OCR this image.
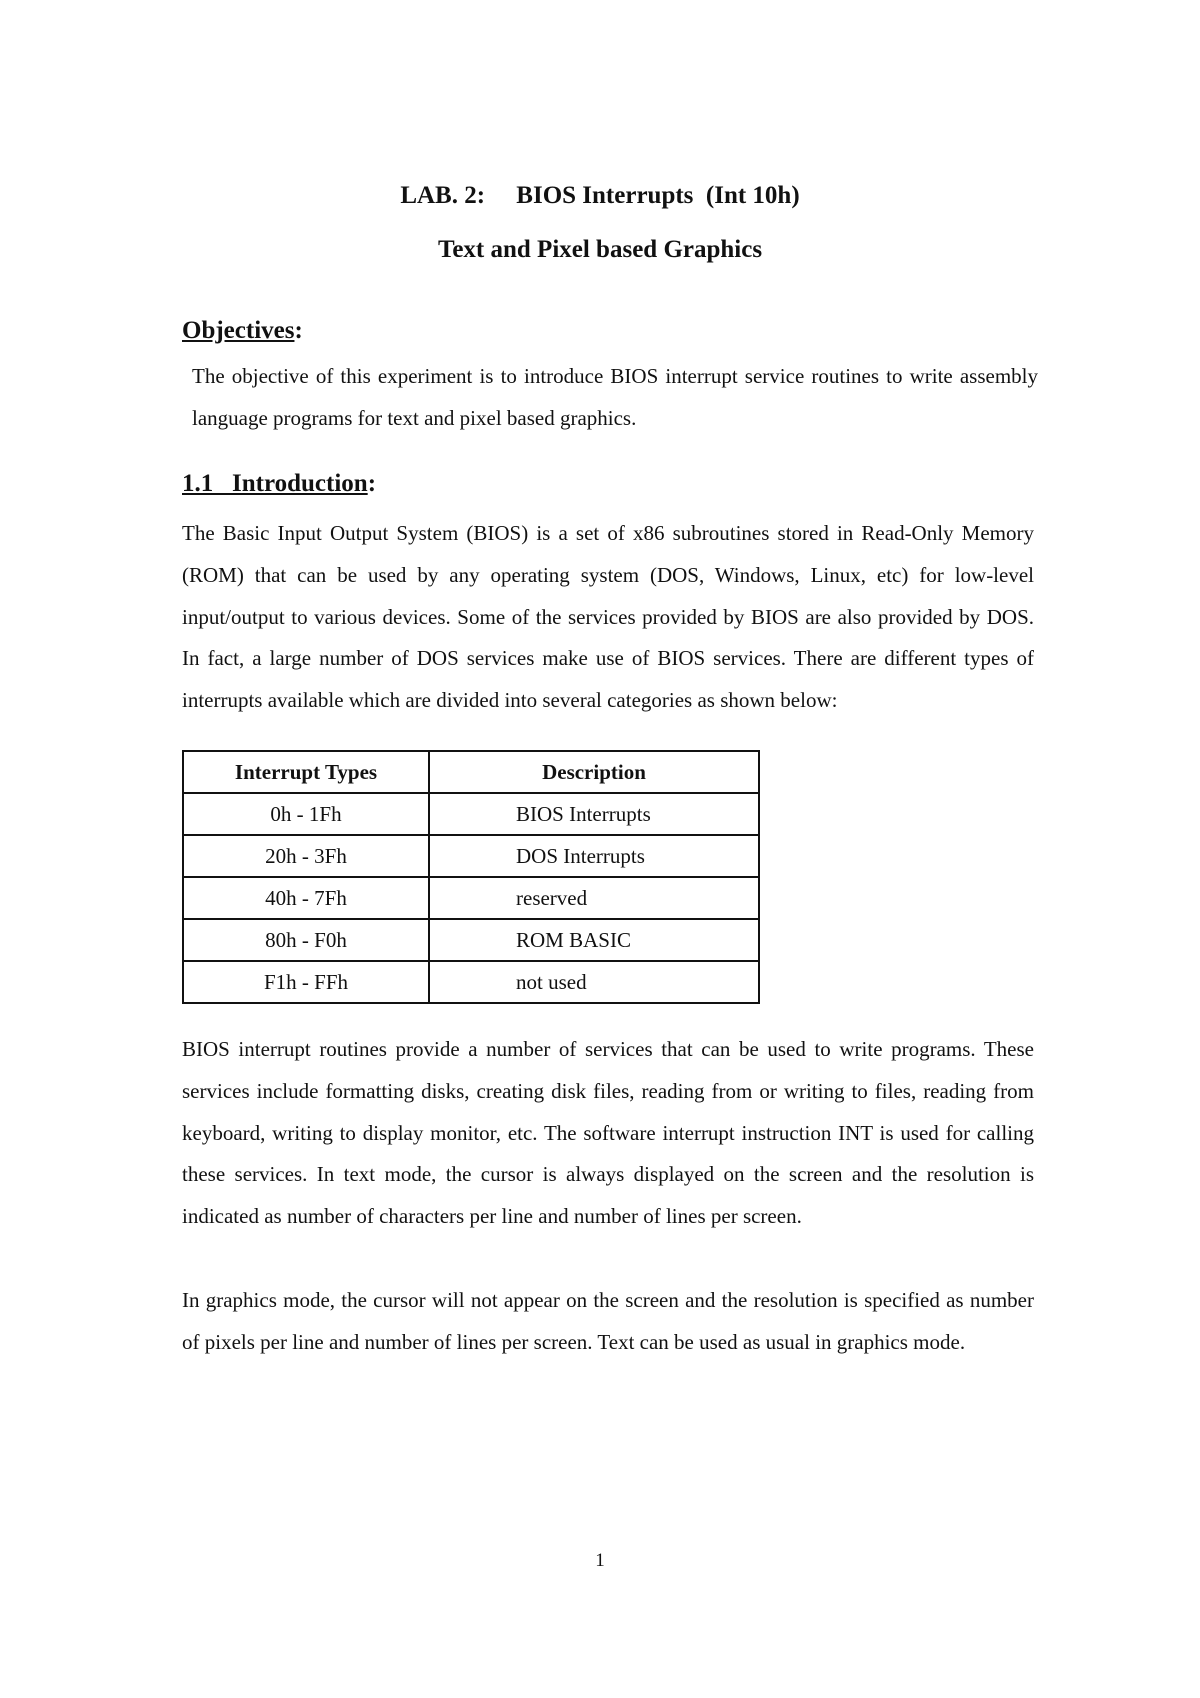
LAB. 2:     BIOS Interrupts  (Int 10h)
Text and Pixel based Graphics
Objectives:
The objective of this experiment is to introduce BIOS interrupt service routines to write assembly language programs for text and pixel based graphics.
1.1   Introduction:
The Basic Input Output System (BIOS) is a set of x86 subroutines stored in Read-Only Memory (ROM) that can be used by any operating system (DOS, Windows, Linux, etc) for low-level input/output to various devices. Some of the services provided by BIOS are also provided by DOS. In fact, a large number of DOS services make use of BIOS services. There are different types of interrupts available which are divided into several categories as shown below:
Interrupt Types	Description
0h - 1Fh	BIOS Interrupts
20h - 3Fh	DOS Interrupts
40h - 7Fh	reserved
80h - F0h	ROM BASIC
F1h - FFh	not used
BIOS interrupt routines provide a number of services that can be used to write programs. These services include formatting disks, creating disk files, reading from or writing to files, reading from keyboard, writing to display monitor, etc. The software interrupt instruction INT is used for calling these services. In text mode, the cursor is always displayed on the screen and the resolution is indicated as number of characters per line and number of lines per screen.
In graphics mode, the cursor will not appear on the screen and the resolution is specified as number of pixels per line and number of lines per screen. Text can be used as usual in graphics mode.
1
